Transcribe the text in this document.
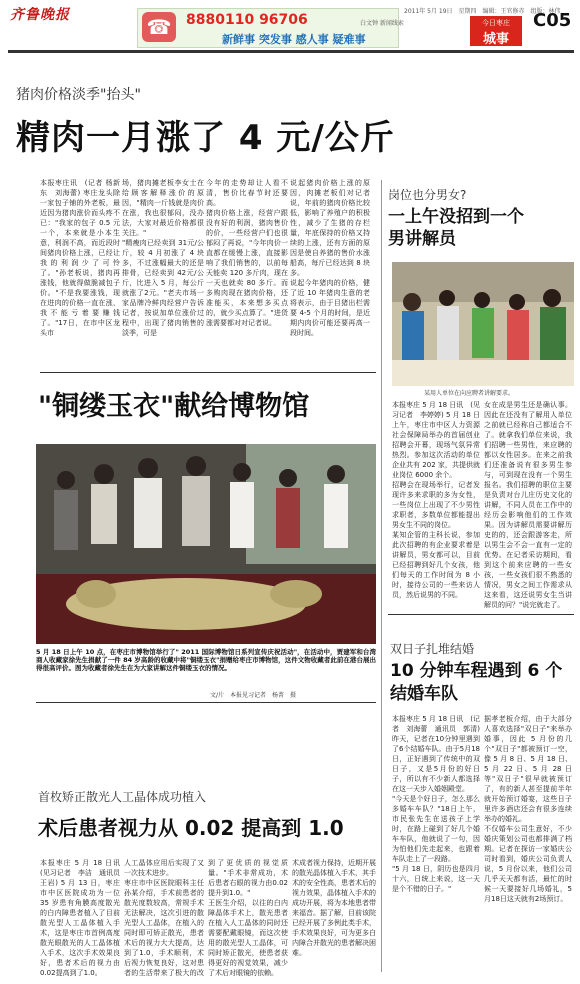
齐鲁晚报	☎	8880110 96706	白文钟 新闻线索
新鲜事 突发事 感人事 疑难事
2011年 5月 19日　星期四　编辑：王官修赤　组版：林伟
今日枣庄
城事
C05
猪肉价格淡季"抬头"
精肉一月涨了 4 元/公斤
本报枣庄讯　(记者 杨新东　刘海蕾) 枣庄龙头除一家包子铺的外老板，最近因为猪肉涨价而头疼不已："我家的包子 0.5 元一个，本来就是小本生意，利润不高，而近段时间猪肉价格上涨，已经让我的利润少了可怜了。"孙老板说，猪肉再涨钱，他就得做脆减包子价。"不是我要涨钱，现在进肉的价格一直在涨，我不能亏着要赚钱了。"17日，在市中区龙头市
场，猪肉摊老板李女士在给顾客解释涨价的原因，"精肉一斤钱就是肉价在涨，我也很郁闷，没办法，大家对最近价格都很关注。"
"精瘦肉已经卖到 31元/公斤，较 4 月初涨了 4 块多，不过涨幅最大的还是排骨，已经卖到 42元/公斤，比进入 5 月，每公斤就涨了2元。"老夫市场一家品牌冷鲜肉经营户告诉记者，按说加单位涨价过程中，出现了猪肉销售的淡季，可是
今年的走势却让人看不清，售价比春节时还要高。
猪肉价格上涨，经营户跟没有好的利润，猪肉售价的价，一些经营户们也很郁闷了再说，"今年肉价一直都在缓慢上涨，直接影响了我们销售的，以前每天能卖 120 多斤肉，现在一天也就卖 80 多斤。而多购肉现在猪肉价格，还准能买，本来想多买点的，就少买点算了。"进货涨需要都对对记者说。
说起猪肉价格上涨的原因，肉摊老板们对记者说，年前的猪肉价格比较低，影响了养殖户的积极性，减少了生猪的存栏量，年底保持的价格又持续的上涨，还有方面的原因是使自养猪的售价水涨船高，每斤已经达到 8 块多。
说起今年猪肉的价格，健了近 10 年猪肉生意的老将表示，由于目猪出栏需要 4-5 个月的时间，是近期内肉价可能还要再高一段时间。
岗位也分男女?
一上午没招到一个男讲解员
某用人单位在向应聘者讲解要求。
本报枣庄 5 月 18 日讯　(见习记者　李婷婷) 5 月 18 日上午，枣庄市中区人力资源社会保障局举办的首届创业招聘会开幕，现场气氛异常热烈。参加这次活动的单位企业共有 202 家，共提供就业岗位 6000 余个。
招聘会在现场举行，记者发现许多来求职的多为女性，一些岗位上出现了不少男性求职者，多数单位都能提出男女生不同的岗位。
某知企管的主科长说，参加此次招聘的有企业要求着是讲解员，男女都可以，目前已经招聘到好几个女孩，他们每天的工作时间为 8 小时，接待公司的一些来访人员，然后说男的不同。
女在成是男生还是确认事。因此在还没有了解用人单位之前就已经称自己都适合不了。就拿我们单位来说，我们招聘一些男性，来应聘的都以女性居多。在来之前我们还准备说有很多男生参与，可到现在没有一个男生报名。我们招聘的职位主要是负责对台儿庄历史文化的讲解，不同人员在工作中的经历会影响他们的工作效果。因为讲解员需要讲解历史的的，还会跟游客走，所以男生会不会一直有一定的优势。在记者采访期间，看到这个前来应聘的一些女孩，一些女孩们很不熟悉的情况，男女之间工作需求从这来看，这还说男女生当讲解员的问？"说完就走了。
"铜缕玉衣"献给博物馆
5 月 18 日上午 10 点，在枣庄市博物馆举行了" 2011 国际博物馆日系列宣传庆祝活动"，在活动中，贾建军和台湾商人收藏家徐先生捐献了一件 84 岁高龄的收藏中将"铜缕玉衣"捐赠给枣庄市博物馆，这件文物收藏者此前在港台展出得很高评价。图为收藏者徐先生在为大家讲解这件铜缕玉衣的情况。
文/片　本报见习记者　杨菁　摄
首枚矫正散光人工晶体成功植入
术后患者视力从 0.02 提高到 1.0
本报枣庄 5 月 18 日讯　(见习记者　李洁　通讯员　王岩) 5 月 13 日，枣庄市中区医院成功为一位 35 岁患有角膜高度散光的白内障患者植入了目前散光型人工晶体植入手术，这是枣庄市首例高度散光眼散光的人工晶体植入手术，这次手术效果良好，患者术后的视力由0.02提高到了1.0。
人工晶体应用后实现了又一次技术进步。
枣庄市中区医院眼科主任孙某介绍，手术前患者的散光度数较高，常规手术无法解决，这次引进的散光型人工晶体，在植入的同时即可矫正散光，患者术后的视力大大提高，达到了1.0，手术顺利，术后视力恢复良好，这对患者的生活带来了极大的改
到了更优质的视觉质量。"手术非常成功，术后患者右眼的视力由0.02提升到1.0。"
王医生介绍，以往的白内障晶体手术上，散光患者在植入人工晶体的同时还需要配戴眼镜，而这次使用的散光型人工晶体，可同时矫正散光，使患者获得更好的视觉效果，减少了术后对眼镜的依赖。
术成者视力保持，近期开展的散光晶体植入手术，其手术的安全性高，患者术后的视力效果，晶体植入手术的成功开展，将为本地患者带来福音。据了解，目前该院已经开展了多例此类手术，手术效果良好，可为更多白内障合并散光的患者解决困难。
双日子扎堆结婚
10 分钟车程遇到 6 个结婚车队
本报枣庄 5 月 18 日讯　(记者　刘海蕾　通讯员　郭清) 昨天，记者在10分钟里遇到了6个结婚车队。由于5月18日，正好遇到了传统中的双日子，又是5月份的好日子，所以有不少新人都选择在这一天步入婚姻殿堂。
"今天是个好日子，怎么那么多婚车车队？"18日上午，市民张先生在送孩子上学时，在路上碰到了好几个婚车车队，他就说了一句，因为怕他们先走起来，也跟着车队走上了一段路。
"5 月 18 日，阴历也是四月十六，日统上来说，这一天是个不错的日子。"
据孝老板介绍，由于大部分人喜欢选择"双日子"来举办婚事，因此 5 月份的几个"双日子"都被预订一空，像 5 月 8 日、5 月 18 日、5 月 22 日、5 月 28 日等"双日子"很早就被预订了，有的新人甚至提前半年就开始预订婚宴，这些日子里许多酒店还会有很多连续举办的婚礼。
不仅婚车公司生意好，不少婚庆策划公司也都排满了档期。记者在探访一家婚庆公司时看到，婚庆公司负责人说，5 月份以来，他们公司几乎天天都有活，最忙的时候一天要接好几场婚礼，5月18日这天就有2场预订。
